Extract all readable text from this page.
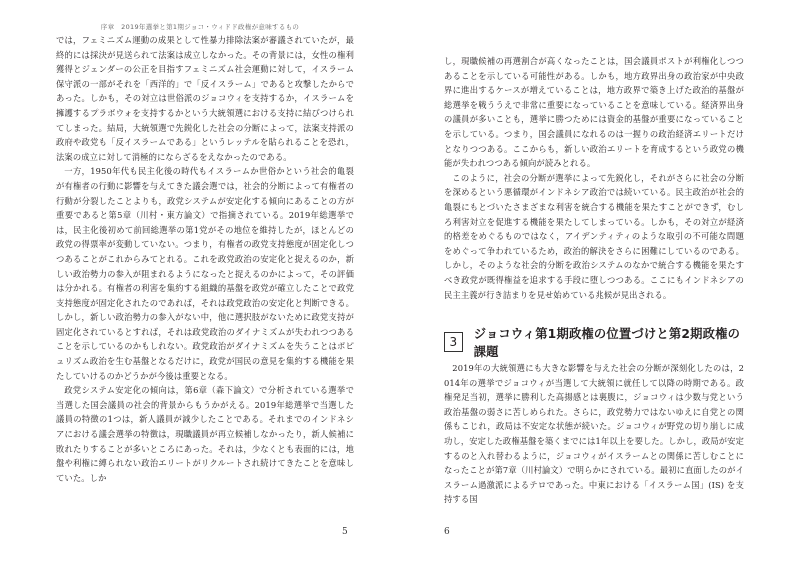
序章　2019年選挙と第1期ジョコ・ウィドド政権が意味するもの

では，フェミニズム運動の成果として性暴力排除法案が審議されていたが，最終的には採決が見送られて法案は成立しなかった。その背景には，女性の権利獲得とジェンダーの公正を目指すフェミニズム社会運動に対して，イスラーム保守派の一部がそれを「西洋的」で「反イスラーム」であると攻撃したからであった。しかも，その対立は世俗派のジョコウィを支持するか，イスラームを擁護するプラボウォを支持するかという大統領選における支持に結びつけられてしまった。結局，大統領選で先鋭化した社会の分断によって，法案支持派の政府や政党も「反イスラームである」というレッテルを貼られることを恐れ，法案の成立に対して消極的にならざるをえなかったのである。

一方，1950年代も民主化後の時代もイスラームか世俗かという社会的亀裂が有権者の行動に影響を与えてきた議会選では，社会的分断によって有権者の行動が分裂したことよりも，政党システムが安定化する傾向にあることの方が重要であると第5章（川村・東方論文）で指摘されている。2019年総選挙では，民主化後初めて前回総選挙の第1党がその地位を維持したが，ほとんどの政党の得票率が変動していない。つまり，有権者の政党支持態度が固定化しつつあることがこれからみてとれる。これを政党政治の安定化と捉えるのか，新しい政治勢力の参入が阻まれるようになったと捉えるのかによって，その評価は分かれる。有権者の利害を集約する組織的基盤を政党が確立したことで政党支持態度が固定化されたのであれば，それは政党政治の安定化と判断できる。しかし，新しい政治勢力の参入がない中，他に選択肢がないために政党支持が固定化されているとすれば，それは政党政治のダイナミズムが失われつつあることを示しているのかもしれない。政党政治がダイナミズムを失うことはポピュリズム政治を生む基盤となるだけに，政党が国民の意見を集約する機能を果たしていけるのかどうかが今後は重要となる。

政党システム安定化の傾向は，第6章（森下論文）で分析されている選挙で当選した国会議員の社会的背景からもうかがえる。2019年総選挙で当選した議員の特徴の1つは，新人議員が減少したことである。それまでのインドネシアにおける議会選挙の特徴は，現職議員が再立候補しなかったり，新人候補に敗れたりすることが多いところにあった。それは，少なくとも表面的には，地盤や利権に縛られない政治エリートがリクルートされ続けてきたことを意味していた。しか

5

し，現職候補の再選割合が高くなったことは，国会議員ポストが利権化しつつあることを示している可能性がある。しかも，地方政界出身の政治家が中央政界に進出するケースが増えていることは，地方政界で築き上げた政治的基盤が総選挙を戦ううえで非常に重要になっていることを意味している。経済界出身の議員が多いことも，選挙に勝つためには資金的基盤が重要になっていることを示している。つまり，国会議員になれるのは一握りの政治経済エリートだけとなりつつある。ここからも，新しい政治エリートを育成するという政党の機能が失われつつある傾向が読みとれる。

このように，社会の分断が選挙によって先鋭化し，それがさらに社会の分断を深めるという悪循環がインドネシア政治では続いている。民主政治が社会的亀裂にもとづいたさまざまな利害を統合する機能を果たすことができず，むしろ利害対立を促進する機能を果たしてしまっている。しかも，その対立が経済的格差をめぐるものではなく，アイデンティティのような取引の不可能な問題をめぐって争われているため，政治的解決をさらに困難にしているのである。しかし，そのような社会的分断を政治システムのなかで統合する機能を果たすべき政党が既得権益を追求する手段に堕しつつある。ここにもインドネシアの民主主義が行き詰まりを見せ始めている兆候が見出される。

3
ジョコウィ第1期政権の位置づけと第2期政権の課題

2019年の大統領選にも大きな影響を与えた社会の分断が深刻化したのは，2014年の選挙でジョコウィが当選して大統領に就任して以降の時期である。政権発足当初，選挙に勝利した高揚感とは裏腹に，ジョコウィは少数与党という政治基盤の弱さに苦しめられた。さらに，政党勢力ではないゆえに自党との関係もこじれ，政局は不安定な状態が続いた。ジョコウィが野党の切り崩しに成功し，安定した政権基盤を築くまでには1年以上を要した。しかし，政局が安定するのと入れ替わるように，ジョコウィがイスラームとの関係に苦しむことになったことが第7章（川村論文）で明らかにされている。最初に直面したのがイスラーム過激派によるテロであった。中東における「イスラーム国」(IS) を支持する国

6
